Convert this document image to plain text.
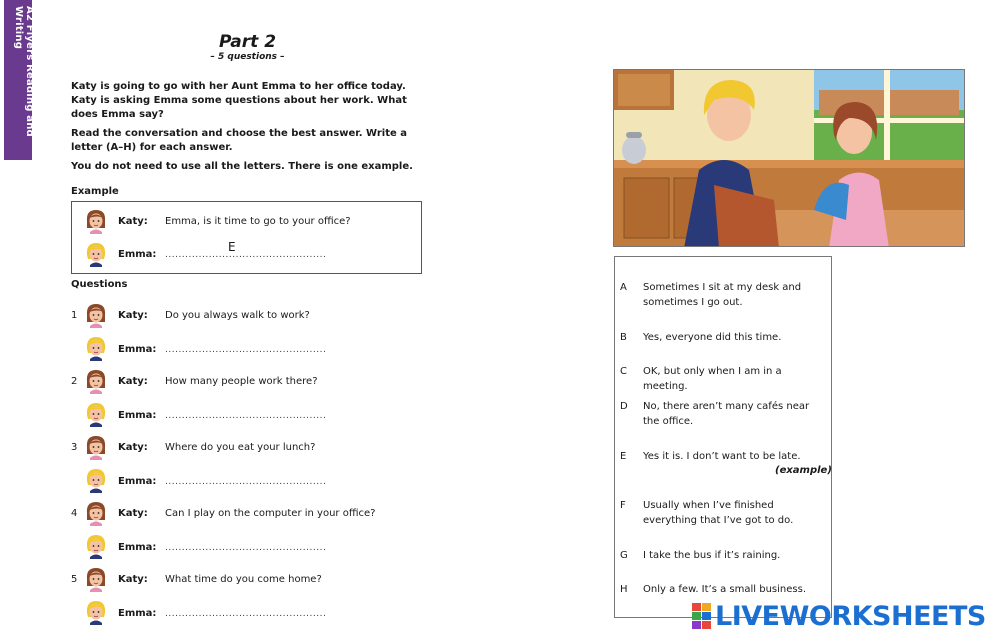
A2 Flyers Reading and Writing	Part 2
– 5 questions –
Katy is going to go with her Aunt Emma to her office today. Katy is asking Emma some questions about her work. What does Emma say?
Read the conversation and choose the best answer. Write a letter (A–H) for each answer.
You do not need to use all the letters. There is one example.
Example
Katy: Emma, is it time to go to your office?
Emma:
E
................................................
Questions
1	Katy: Do you always walk to work?
Emma: ................................................
2	Katy: How many people work there?
Emma: ................................................
3	Katy: Where do you eat your lunch?
Emma: ................................................
4	Katy: Can I play on the computer in your office?
Emma: ................................................
5	Katy: What time do you come home?
Emma: ................................................
A Sometimes I sit at my desk and sometimes I go out.
B Yes, everyone did this time.
C OK, but only when I am in a meeting.
D No, there aren’t many cafés near the office.
E Yes it is. I don’t want to be late.
(example)
F Usually when I’ve finished everything that I’ve got to do.
G I take the bus if it’s raining.
H Only a few. It’s a small business.
LIVEWORKSHEETS
